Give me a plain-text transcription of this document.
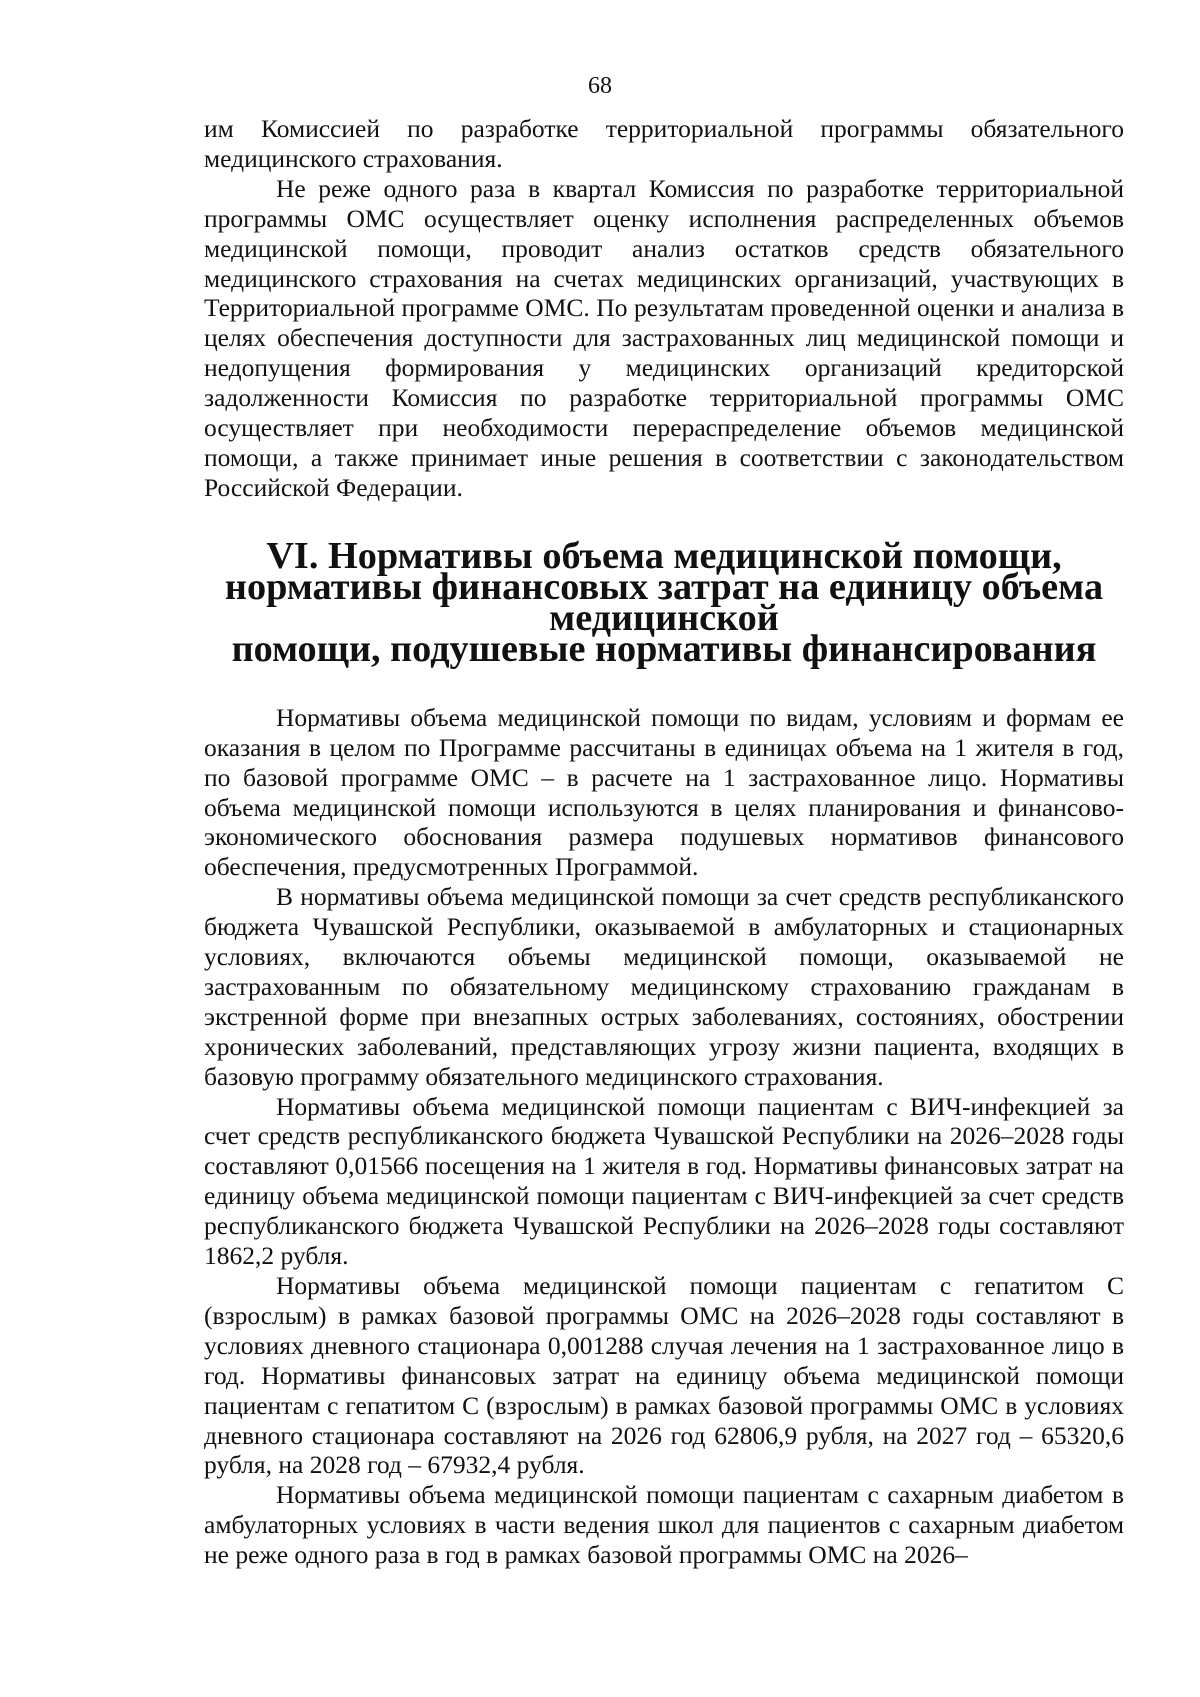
68

им Комиссией по разработке территориальной программы обязательного медицинского страхования.

Не реже одного раза в квартал Комиссия по разработке территориальной программы ОМС осуществляет оценку исполнения распределенных объемов медицинской помощи, проводит анализ остатков средств обязательного медицинского страхования на счетах медицинских организаций, участвующих в Территориальной программе ОМС. По результатам проведенной оценки и анализа в целях обеспечения доступности для застрахованных лиц медицинской помощи и недопущения формирования у медицинских организаций кредиторской задолженности Комиссия по разработке территориальной программы ОМС осуществляет при необходимости перераспределение объемов медицинской помощи, а также принимает иные решения в соответствии с законодательством Российской Федерации.

VI. Нормативы объема медицинской помощи,
нормативы финансовых затрат на единицу объема медицинской
помощи, подушевые нормативы финансирования

Нормативы объема медицинской помощи по видам, условиям и формам ее оказания в целом по Программе рассчитаны в единицах объема на 1 жителя в год, по базовой программе ОМС – в расчете на 1 застрахованное лицо. Нормативы объема медицинской помощи используются в целях планирования и финансово-экономического обоснования размера подушевых нормативов финансового обеспечения, предусмотренных Программой.

В нормативы объема медицинской помощи за счет средств республиканского бюджета Чувашской Республики, оказываемой в амбулаторных и стационарных условиях, включаются объемы медицинской помощи, оказываемой не застрахованным по обязательному медицинскому страхованию гражданам в экстренной форме при внезапных острых заболеваниях, состояниях, обострении хронических заболеваний, представляющих угрозу жизни пациента, входящих в базовую программу обязательного медицинского страхования.

Нормативы объема медицинской помощи пациентам с ВИЧ-инфекцией за счет средств республиканского бюджета Чувашской Республики на 2026–2028 годы составляют 0,01566 посещения на 1 жителя в год. Нормативы финансовых затрат на единицу объема медицинской помощи пациентам с ВИЧ-инфекцией за счет средств республиканского бюджета Чувашской Республики на 2026–2028 годы составляют 1862,2 рубля.

Нормативы объема медицинской помощи пациентам с гепатитом С (взрослым) в рамках базовой программы ОМС на 2026–2028 годы составляют в условиях дневного стационара 0,001288 случая лечения на 1 застрахованное лицо в год. Нормативы финансовых затрат на единицу объема медицинской помощи пациентам с гепатитом С (взрослым) в рамках базовой программы ОМС в условиях дневного стационара составляют на 2026 год 62806,9 рубля, на 2027 год – 65320,6 рубля, на 2028 год – 67932,4 рубля.

Нормативы объема медицинской помощи пациентам с сахарным диабетом в амбулаторных условиях в части ведения школ для пациентов с сахарным диабетом не реже одного раза в год в рамках базовой программы ОМС на 2026–
